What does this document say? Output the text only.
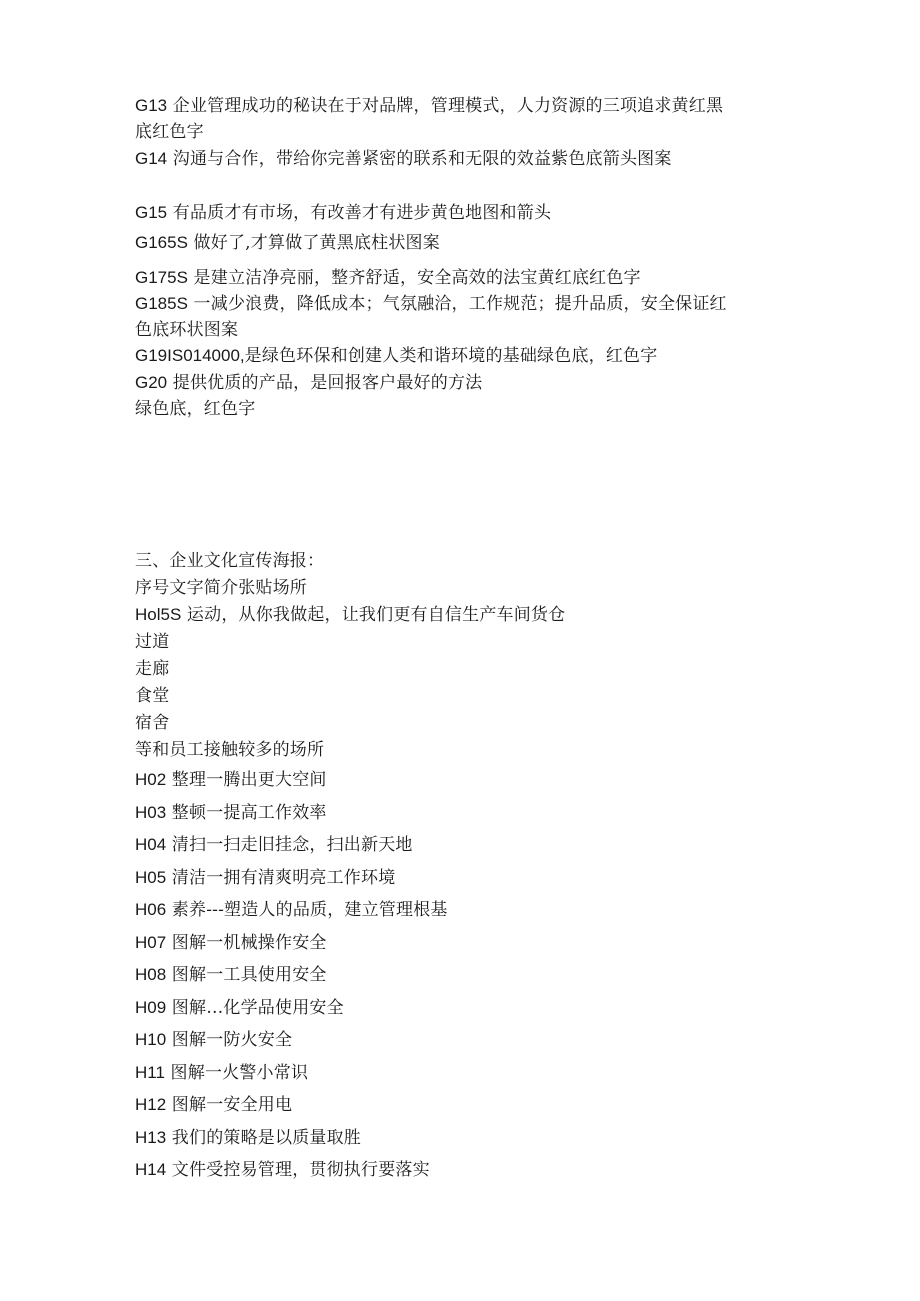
G13 企业管理成功的秘诀在于对品牌，管理模式，人力资源的三项追求黄红黑
底红色字
G14 沟通与合作，带给你完善紧密的联系和无限的效益紫色底箭头图案
G15 有品质才有市场，有改善才有进步黄色地图和箭头
G165S 做好了,才算做了黄黑底柱状图案
G175S 是建立洁净亮丽，整齐舒适，安全高效的法宝黄红底红色字
G185S 一减少浪费，降低成本；气氛融洽，工作规范；提升品质，安全保证红
色底环状图案
G19IS014000,是绿色环保和创建人类和谐环境的基础绿色底，红色字
G20 提供优质的产品，是回报客户最好的方法
绿色底，红色字
三、企业文化宣传海报：
序号文字简介张贴场所
Hol5S 运动，从你我做起，让我们更有自信生产车间货仓
过道
走廊
食堂
宿舍
等和员工接触较多的场所
H02 整理一腾出更大空间
H03 整顿一提高工作效率
H04 清扫一扫走旧挂念，扫出新天地
H05 清洁一拥有清爽明亮工作环境
H06 素养---塑造人的品质，建立管理根基
H07 图解一机械操作安全
H08 图解一工具使用安全
H09 图解…化学品使用安全
H10 图解一防火安全
H11 图解一火警小常识
H12 图解一安全用电
H13 我们的策略是以质量取胜
H14 文件受控易管理，贯彻执行要落实
